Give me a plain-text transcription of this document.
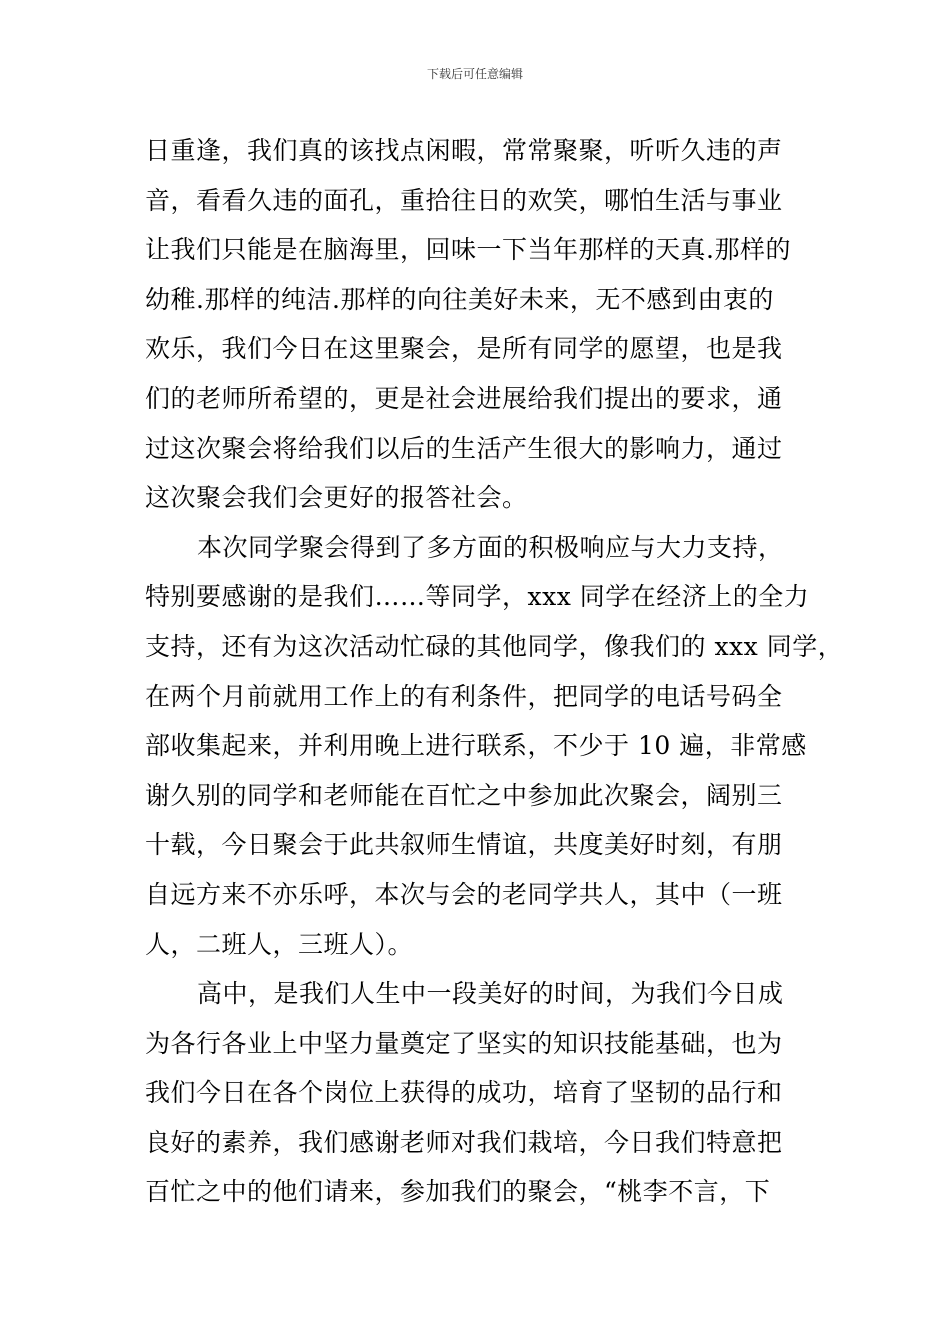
下载后可任意编辑
日重逢，我们真的该找点闲暇，常常聚聚，听听久违的声
音，看看久违的面孔，重拾往日的欢笑，哪怕生活与事业
让我们只能是在脑海里，回味一下当年那样的天真.那样的
幼稚.那样的纯洁.那样的向往美好未来，无不感到由衷的
欢乐，我们今日在这里聚会，是所有同学的愿望，也是我
们的老师所希望的，更是社会进展给我们提出的要求，通
过这次聚会将给我们以后的生活产生很大的影响力，通过
这次聚会我们会更好的报答社会。
本次同学聚会得到了多方面的积极响应与大力支持，
特别要感谢的是我们……等同学，xxx 同学在经济上的全力
支持，还有为这次活动忙碌的其他同学，像我们的 xxx 同学，
在两个月前就用工作上的有利条件，把同学的电话号码全
部收集起来，并利用晚上进行联系，不少于 10 遍，非常感
谢久别的同学和老师能在百忙之中参加此次聚会，阔别三
十载，今日聚会于此共叙师生情谊，共度美好时刻，有朋
自远方来不亦乐呼，本次与会的老同学共人，其中（一班
人，二班人，三班人）。
高中，是我们人生中一段美好的时间，为我们今日成
为各行各业上中坚力量奠定了坚实的知识技能基础，也为
我们今日在各个岗位上获得的成功，培育了坚韧的品行和
良好的素养，我们感谢老师对我们栽培，今日我们特意把
百忙之中的他们请来，参加我们的聚会，“桃李不言，下
